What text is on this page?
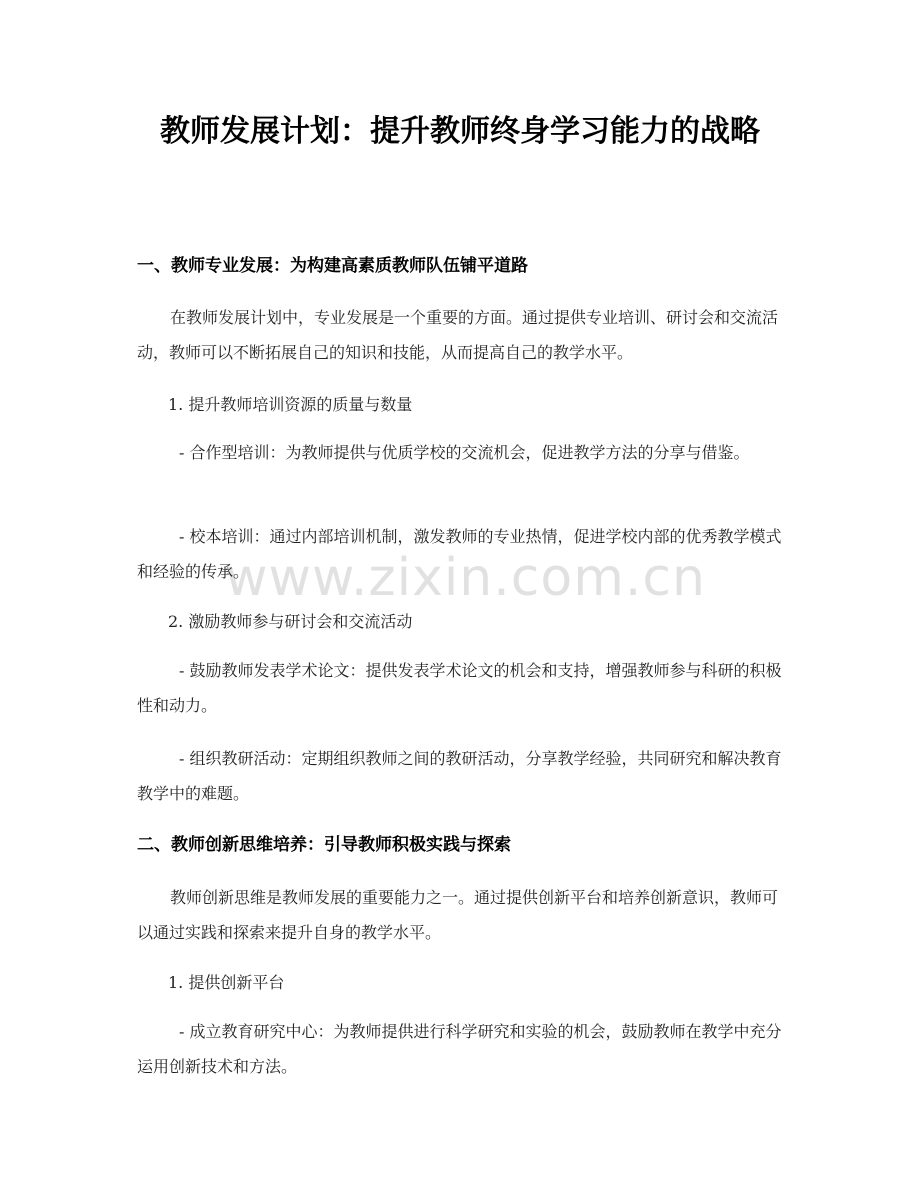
教师发展计划：提升教师终身学习能力的战略
www.zixin.com.cn
一、教师专业发展：为构建高素质教师队伍铺平道路

在教师发展计划中，专业发展是一个重要的方面。通过提供专业培训、研讨会和交流活动，教师可以不断拓展自己的知识和技能，从而提高自己的教学水平。

1. 提升教师培训资源的质量与数量

- 合作型培训：为教师提供与优质学校的交流机会，促进教学方法的分享与借鉴。

- 校本培训：通过内部培训机制，激发教师的专业热情，促进学校内部的优秀教学模式和经验的传承。

2. 激励教师参与研讨会和交流活动

- 鼓励教师发表学术论文：提供发表学术论文的机会和支持，增强教师参与科研的积极性和动力。

- 组织教研活动：定期组织教师之间的教研活动，分享教学经验，共同研究和解决教育教学中的难题。

二、教师创新思维培养：引导教师积极实践与探索

教师创新思维是教师发展的重要能力之一。通过提供创新平台和培养创新意识，教师可以通过实践和探索来提升自身的教学水平。

1. 提供创新平台

- 成立教育研究中心：为教师提供进行科学研究和实验的机会，鼓励教师在教学中充分运用创新技术和方法。
